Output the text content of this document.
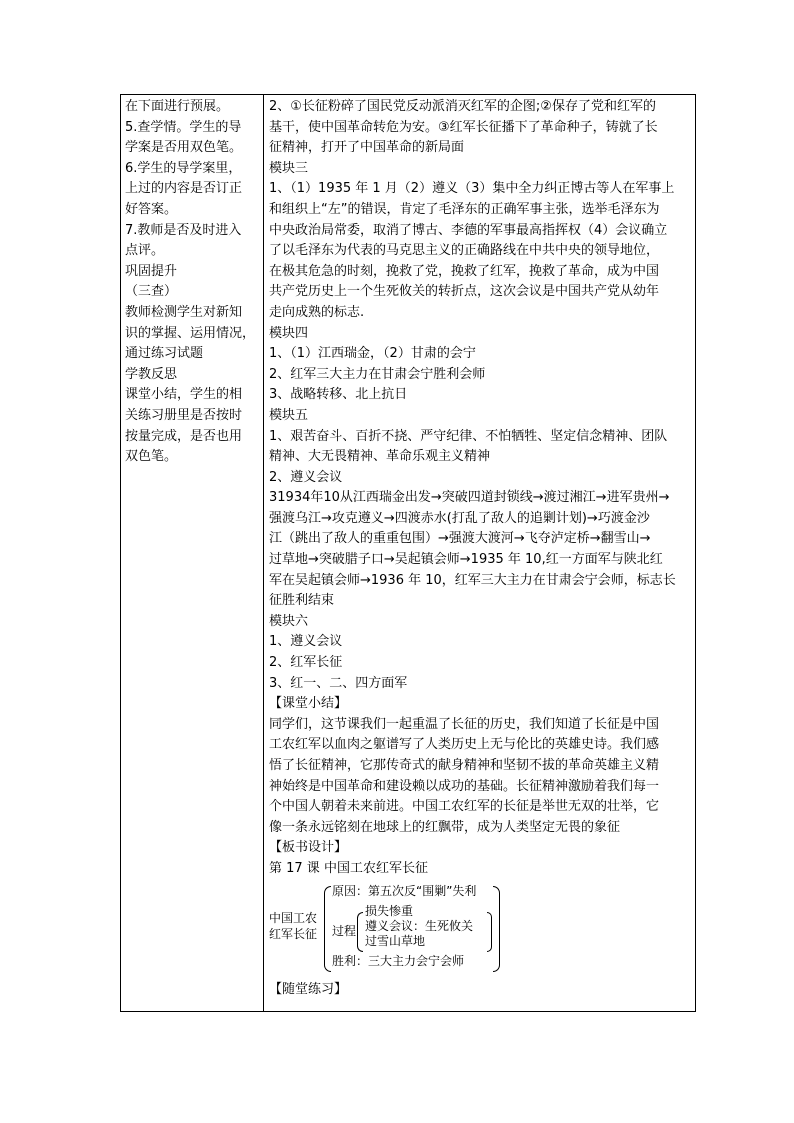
在下面进行预展。
5.查学情。学生的导
学案是否用双色笔。
6.学生的导学案里，
上过的内容是否订正
好答案。
7.教师是否及时进入
点评。
巩固提升
（三查）
教师检测学生对新知
识的掌握、运用情况，
通过练习试题
学教反思
课堂小结，学生的相
关练习册里是否按时
按量完成，是否也用
双色笔。
2、①长征粉碎了国民党反动派消灭红军的企图;②保存了党和红军的
基干，使中国革命转危为安。③红军长征播下了革命种子，铸就了长
征精神，打开了中国革命的新局面
模块三
1、（1）1935 年 1 月（2）遵义（3）集中全力纠正博古等人在军事上
和组织上“左”的错误，肯定了毛泽东的正确军事主张，选举毛泽东为
中央政治局常委，取消了博古、李德的军事最高指挥权（4）会议确立
了以毛泽东为代表的马克思主义的正确路线在中共中央的领导地位，
在极其危急的时刻，挽救了党，挽救了红军，挽救了革命，成为中国
共产党历史上一个生死攸关的转折点，这次会议是中国共产党从幼年
走向成熟的标志.
模块四
1、（1）江西瑞金，（2）甘肃的会宁
2、红军三大主力在甘肃会宁胜利会师
3、战略转移、北上抗日
模块五
1、艰苦奋斗、百折不挠、严守纪律、不怕牺牲、坚定信念精神、团队
精神、大无畏精神、革命乐观主义精神
2、遵义会议
31934年10从江西瑞金出发→突破四道封锁线→渡过湘江→进军贵州→
强渡乌江→攻克遵义→四渡赤水(打乱了敌人的追剿计划)→巧渡金沙
江（跳出了敌人的重重包围）→强渡大渡河→飞夺泸定桥→翻雪山→
过草地→突破腊子口→吴起镇会师→1935 年 10,红一方面军与陕北红
军在吴起镇会师→1936 年 10，红军三大主力在甘肃会宁会师，标志长
征胜利结束
模块六
1、遵义会议
2、红军长征
3、红一、二、四方面军
【课堂小结】
同学们，这节课我们一起重温了长征的历史，我们知道了长征是中国
工农红军以血肉之躯谱写了人类历史上无与伦比的英雄史诗。我们感
悟了长征精神，它那传奇式的献身精神和坚韧不拔的革命英雄主义精
神始终是中国革命和建设赖以成功的基础。长征精神激励着我们每一
个中国人朝着未来前进。中国工农红军的长征是举世无双的壮举，它
像一条永远铭刻在地球上的红飘带，成为人类坚定无畏的象征
【板书设计】
第 17 课 中国工农红军长征
中国工农
红军长征
原因：第五次反“围剿”失利
过程
损失惨重
遵义会议：生死攸关
过雪山草地
胜利：三大主力会宁会师
【随堂练习】
